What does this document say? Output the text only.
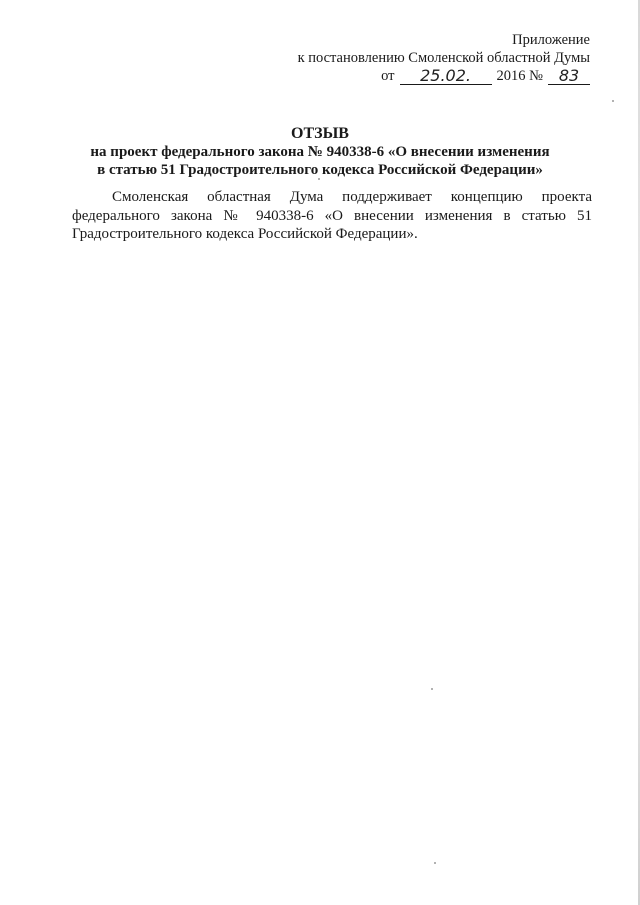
Приложение
к постановлению Смоленской областной Думы
от	25.02.	2016 № 83
ОТЗЫВ
на проект федерального закона № 940338-6 «О внесении изменения
в статью 51 Градостроительного кодекса Российской Федерации»
Смоленская областная Дума поддерживает концепцию проекта федерального закона № 940338-6 «О внесении изменения в статью 51 Градостроительного кодекса Российской Федерации».
